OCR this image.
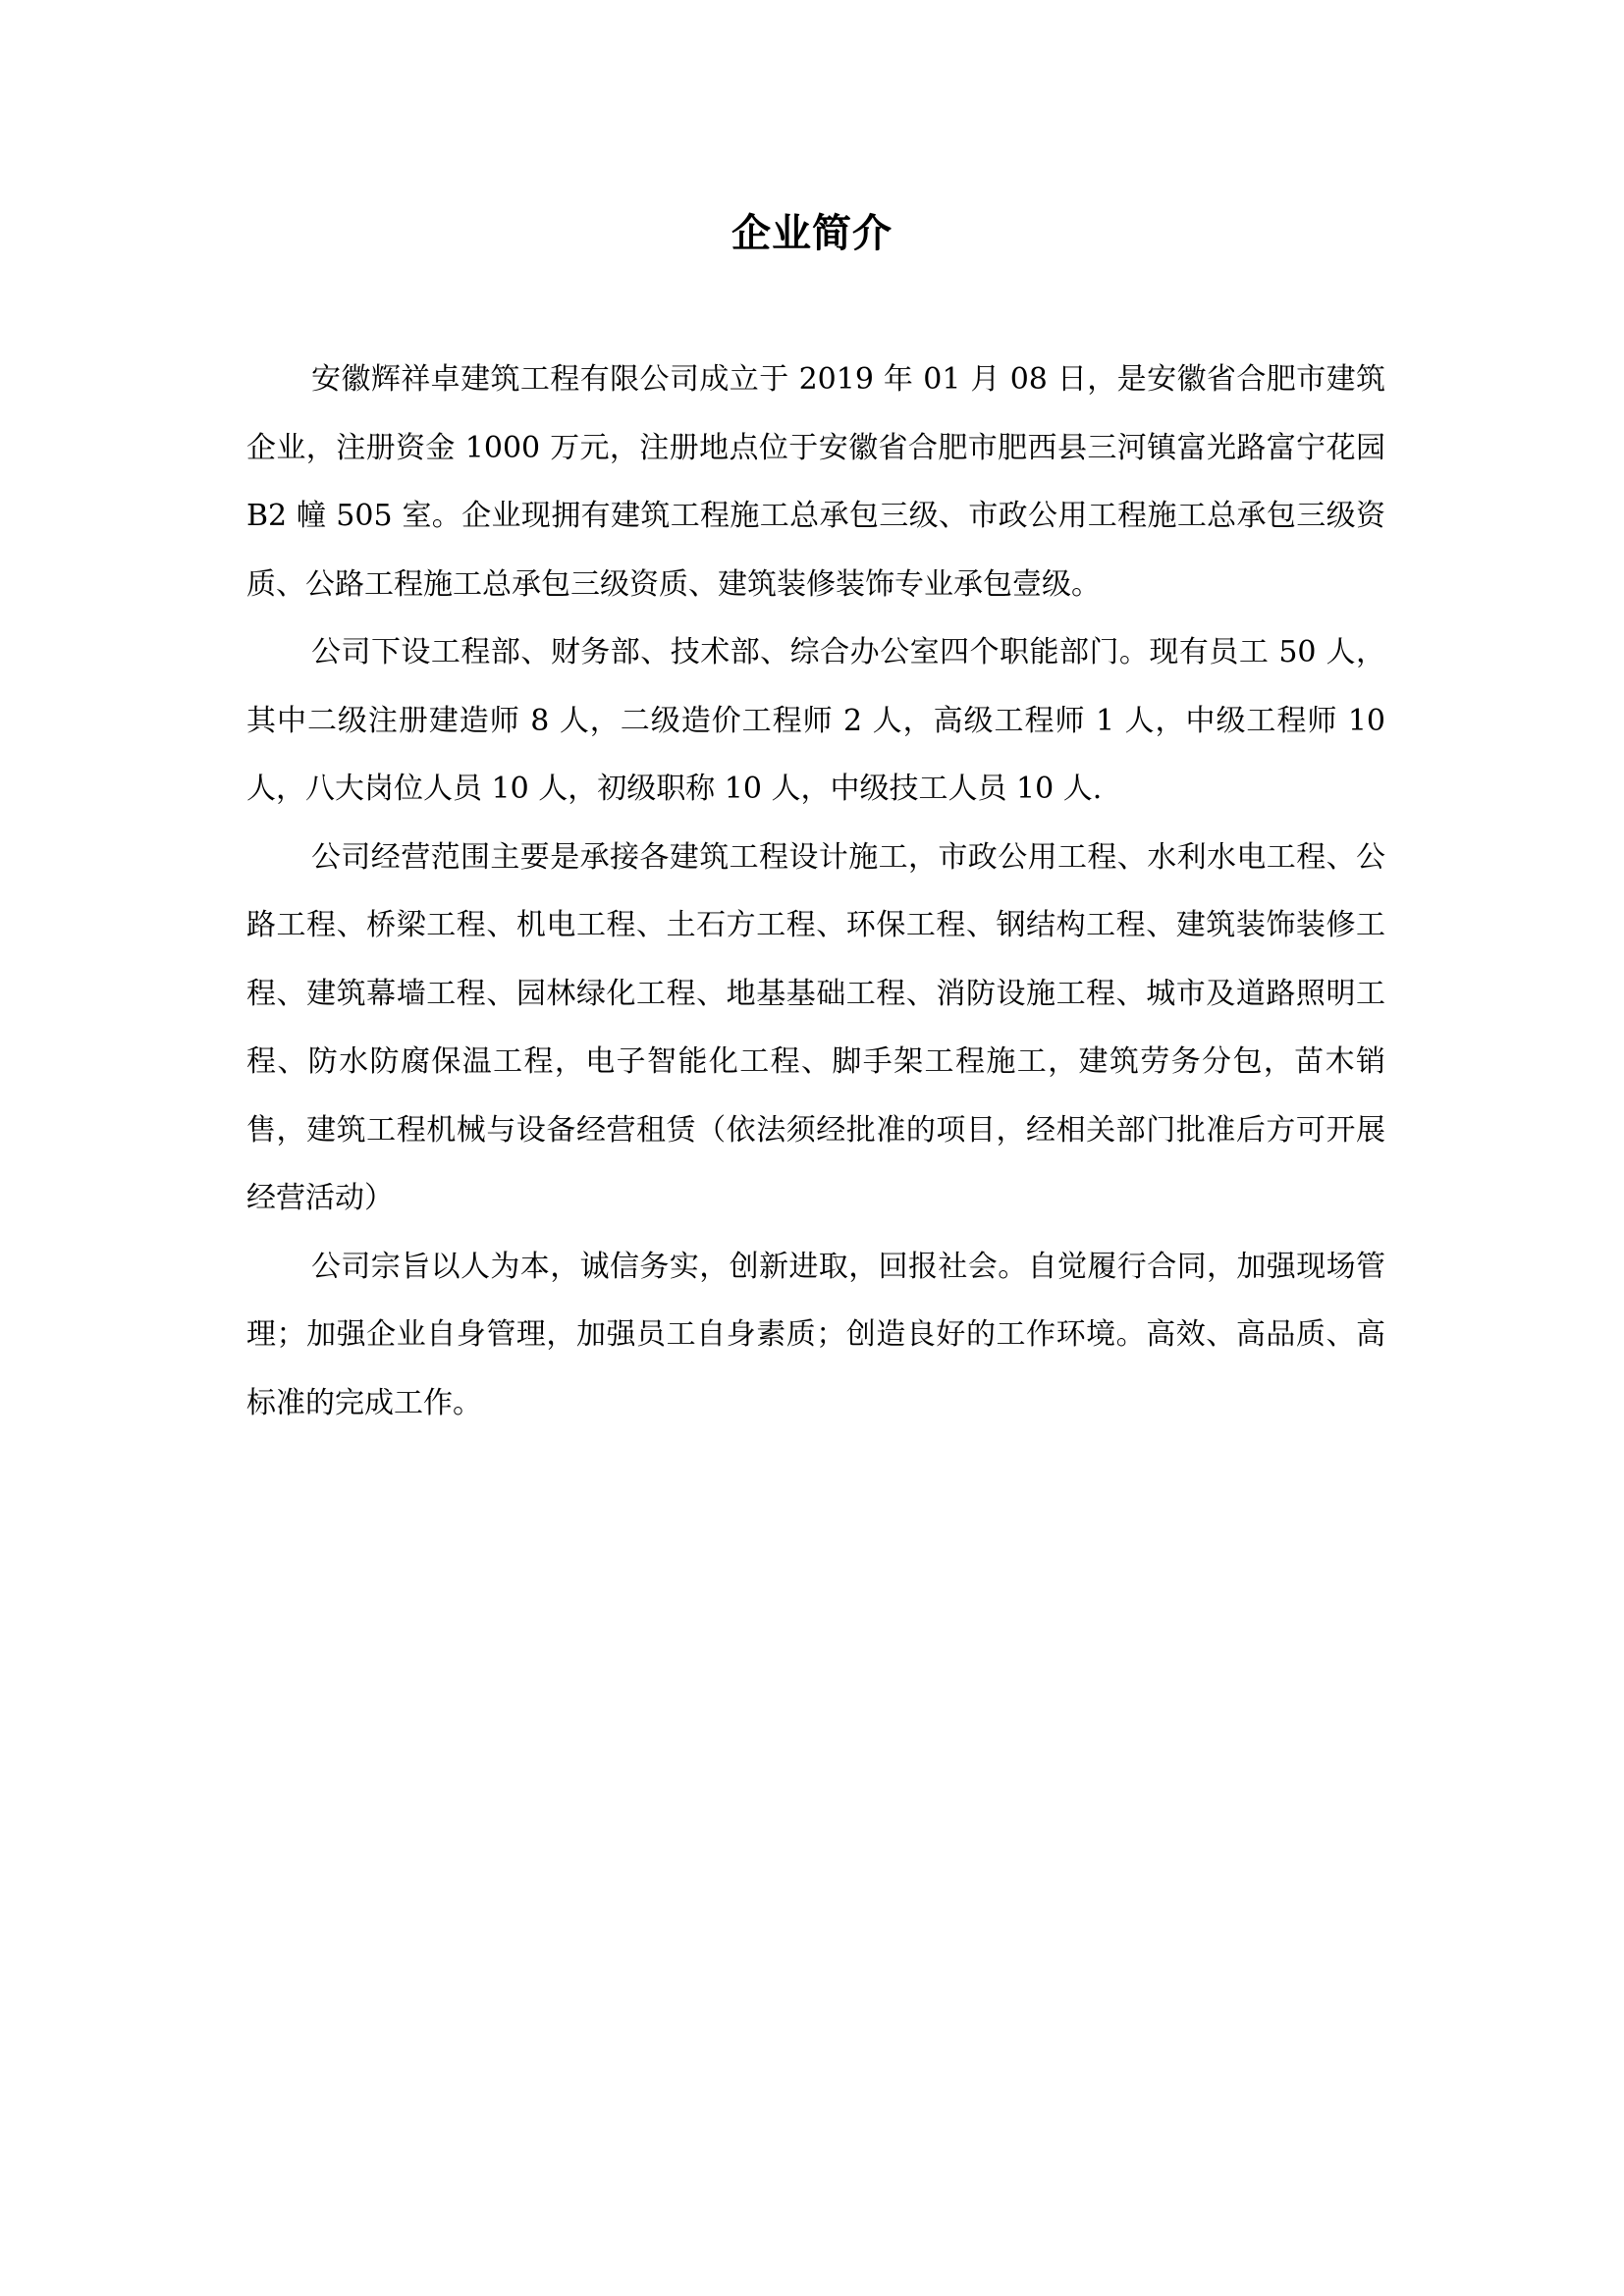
企业简介

安徽辉祥卓建筑工程有限公司成立于 2019 年 01 月 08 日，是安徽省合肥市建筑企业，注册资金 1000 万元，注册地点位于安徽省合肥市肥西县三河镇富光路富宁花园 B2 幢 505 室。企业现拥有建筑工程施工总承包三级、市政公用工程施工总承包三级资质、公路工程施工总承包三级资质、建筑装修装饰专业承包壹级。

公司下设工程部、财务部、技术部、综合办公室四个职能部门。现有员工 50 人，其中二级注册建造师 8 人，二级造价工程师 2 人，高级工程师 1 人，中级工程师 10 人，八大岗位人员 10 人，初级职称 10 人，中级技工人员 10 人.

公司经营范围主要是承接各建筑工程设计施工，市政公用工程、水利水电工程、公路工程、桥梁工程、机电工程、土石方工程、环保工程、钢结构工程、建筑装饰装修工程、建筑幕墙工程、园林绿化工程、地基基础工程、消防设施工程、城市及道路照明工程、防水防腐保温工程，电子智能化工程、脚手架工程施工，建筑劳务分包，苗木销售，建筑工程机械与设备经营租赁（依法须经批准的项目，经相关部门批准后方可开展经营活动）

公司宗旨以人为本，诚信务实，创新进取，回报社会。自觉履行合同，加强现场管理；加强企业自身管理，加强员工自身素质；创造良好的工作环境。高效、高品质、高标准的完成工作。
